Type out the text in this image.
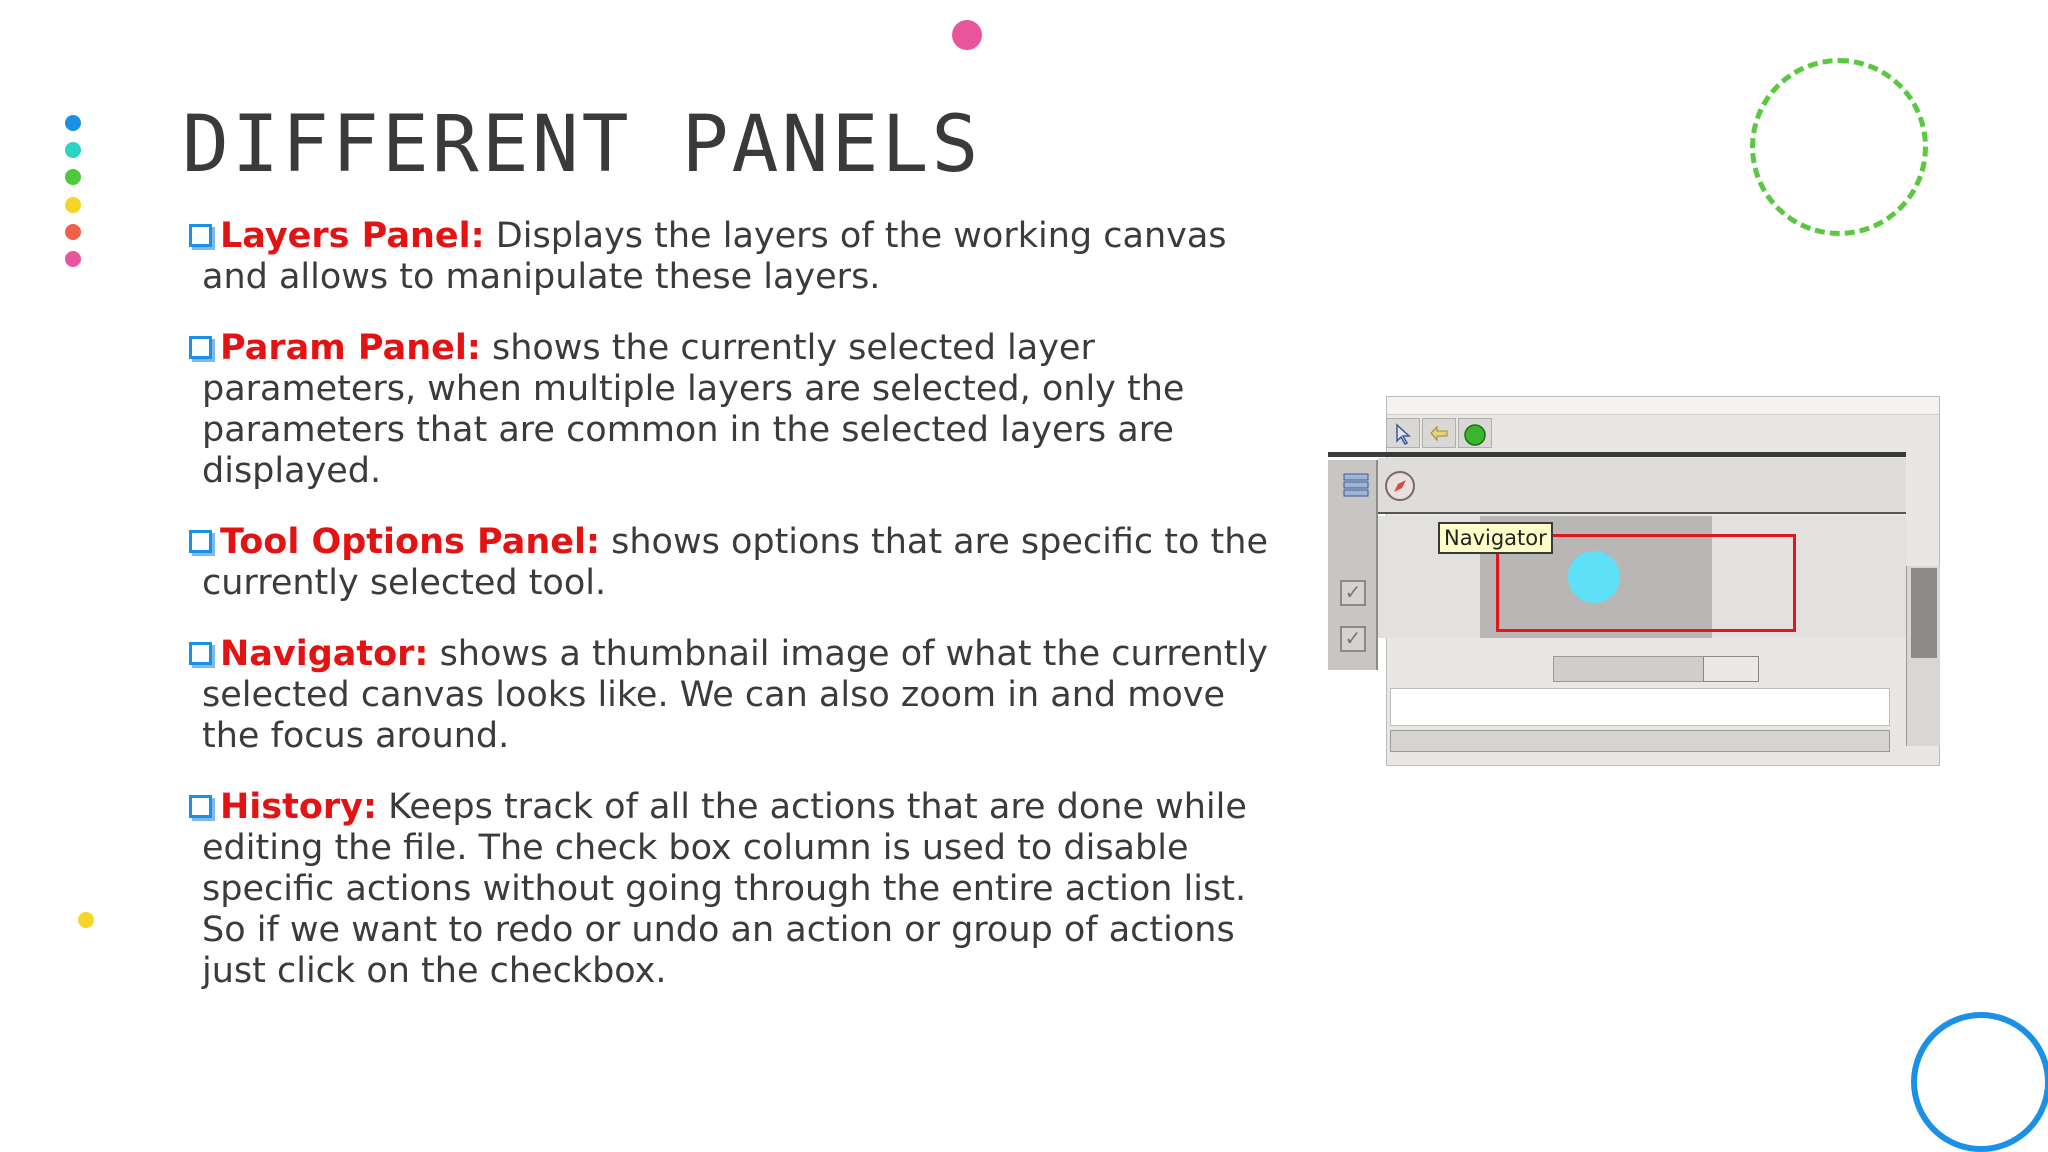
DIFFERENT PANELS
Layers Panel: Displays the layers of the working canvas and allows to manipulate these layers.
Param Panel: shows the currently selected layer parameters, when multiple layers are selected, only the parameters that are common in the selected layers are displayed.
Tool Options Panel: shows options that are specific to the currently selected tool.
Navigator: shows a thumbnail image of what the currently selected canvas looks like. We can also zoom in and move the focus around.
History: Keeps track of all the actions that are done while editing the file. The check box column is used to disable specific actions without going through the entire action list. So if we want to redo or undo an action or group of actions just click on the checkbox.
✓
✓
Navigator
